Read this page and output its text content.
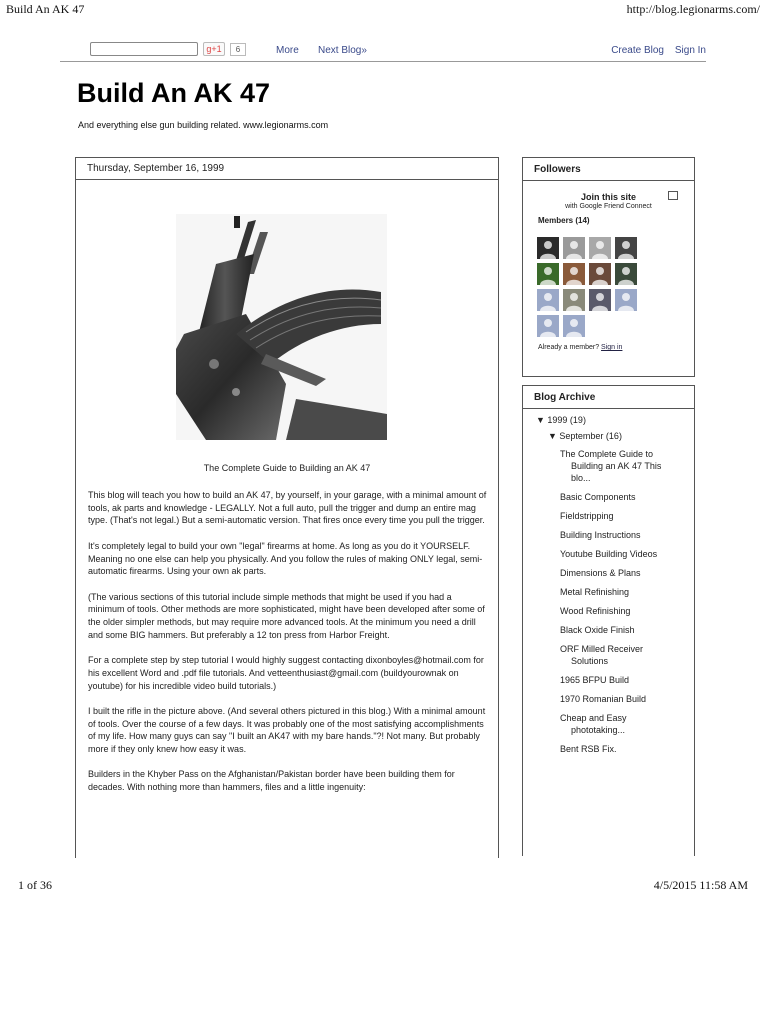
Build An AK 47	http://blog.legionarms.com/
g+1	6	More Next Blog»	Create Blog Sign In
Build An AK 47
And everything else gun building related. www.legionarms.com
Thursday, September 16, 1999
The Complete Guide to Building an AK 47

This blog will teach you how to build an AK 47, by yourself, in your garage, with a minimal amount of tools, ak parts and knowledge - LEGALLY. Not a full auto, pull the trigger and dump an entire mag type. (That's not legal.) But a semi-automatic version. That fires once every time you pull the trigger.

It's completely legal to build your own "legal" firearms at home. As long as you do it YOURSELF. Meaning no one else can help you physically. And you follow the rules of making ONLY legal, semi-automatic firearms. Using your own ak parts.

(The various sections of this tutorial include simple methods that might be used if you had a minimum of tools. Other methods are more sophisticated, might have been developed after some of the older simpler methods, but may require more advanced tools. At the minimum you need a drill and some BIG hammers. But preferably a 12 ton press from Harbor Freight.

For a complete step by step tutorial I would highly suggest contacting dixonboyles@hotmail.com for his excellent Word and .pdf file tutorials. And vetteenthusiast@gmail.com (buildyourownak on youtube) for his incredible video build tutorials.)

I built the rifle in the picture above. (And several others pictured in this blog.) With a minimal amount of tools. Over the course of a few days. It was probably one of the most satisfying accomplishments of my life. How many guys can say "I built an AK47 with my bare hands."?! Not many. But probably more if they only knew how easy it was.

Builders in the Khyber Pass on the Afghanistan/Pakistan border have been building them for decades. With nothing more than hammers, files and a little ingenuity:

Followers
Join this site
with Google Friend Connect
Members (14)
Already a member? Sign in
Blog Archive
▼ 1999 (19)
▼ September (16)
The Complete Guide to Building an AK 47 This blo...
Basic Components
Fieldstripping
Building Instructions
Youtube Building Videos
Dimensions & Plans
Metal Refinishing
Wood Refinishing
Black Oxide Finish
ORF Milled Receiver Solutions
1965 BFPU Build
1970 Romanian Build
Cheap and Easy phototaking...
Bent RSB Fix.
1 of 36	4/5/2015 11:58 AM
